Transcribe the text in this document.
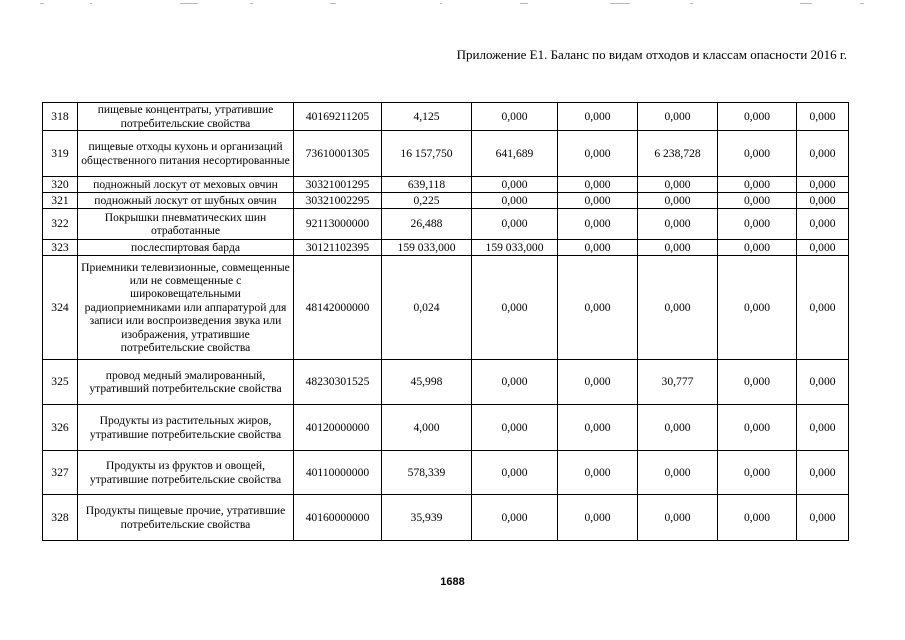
Приложение Е1. Баланс по видам отходов и классам опасности 2016 г.
318	пищевые концентраты, утратившие потребительские свойства	40169211205	4,125	0,000	0,000	0,000	0,000	0,000
319	пищевые отходы кухонь и организаций общественного питания несортированные	73610001305	16 157,750	641,689	0,000	6 238,728	0,000	0,000
320	подножный лоскут от меховых овчин	30321001295	639,118	0,000	0,000	0,000	0,000	0,000
321	подножный лоскут от шубных овчин	30321002295	0,225	0,000	0,000	0,000	0,000	0,000
322	Покрышки пневматических шин отработанные	92113000000	26,488	0,000	0,000	0,000	0,000	0,000
323	послеспиртовая барда	30121102395	159 033,000	159 033,000	0,000	0,000	0,000	0,000
324	Приемники телевизионные, совмещенные или не совмещенные с широковещательными радиоприемниками или аппаратурой для записи или воспроизведения звука или изображения, утратившие потребительские свойства	48142000000	0,024	0,000	0,000	0,000	0,000	0,000
325	провод медный эмалированный, утративший потребительские свойства	48230301525	45,998	0,000	0,000	30,777	0,000	0,000
326	Продукты из растительных жиров, утратившие потребительские свойства	40120000000	4,000	0,000	0,000	0,000	0,000	0,000
327	Продукты из фруктов и овощей, утратившие потребительские свойства	40110000000	578,339	0,000	0,000	0,000	0,000	0,000
328	Продукты пищевые прочие, утратившие потребительские свойства	40160000000	35,939	0,000	0,000	0,000	0,000	0,000
1688
